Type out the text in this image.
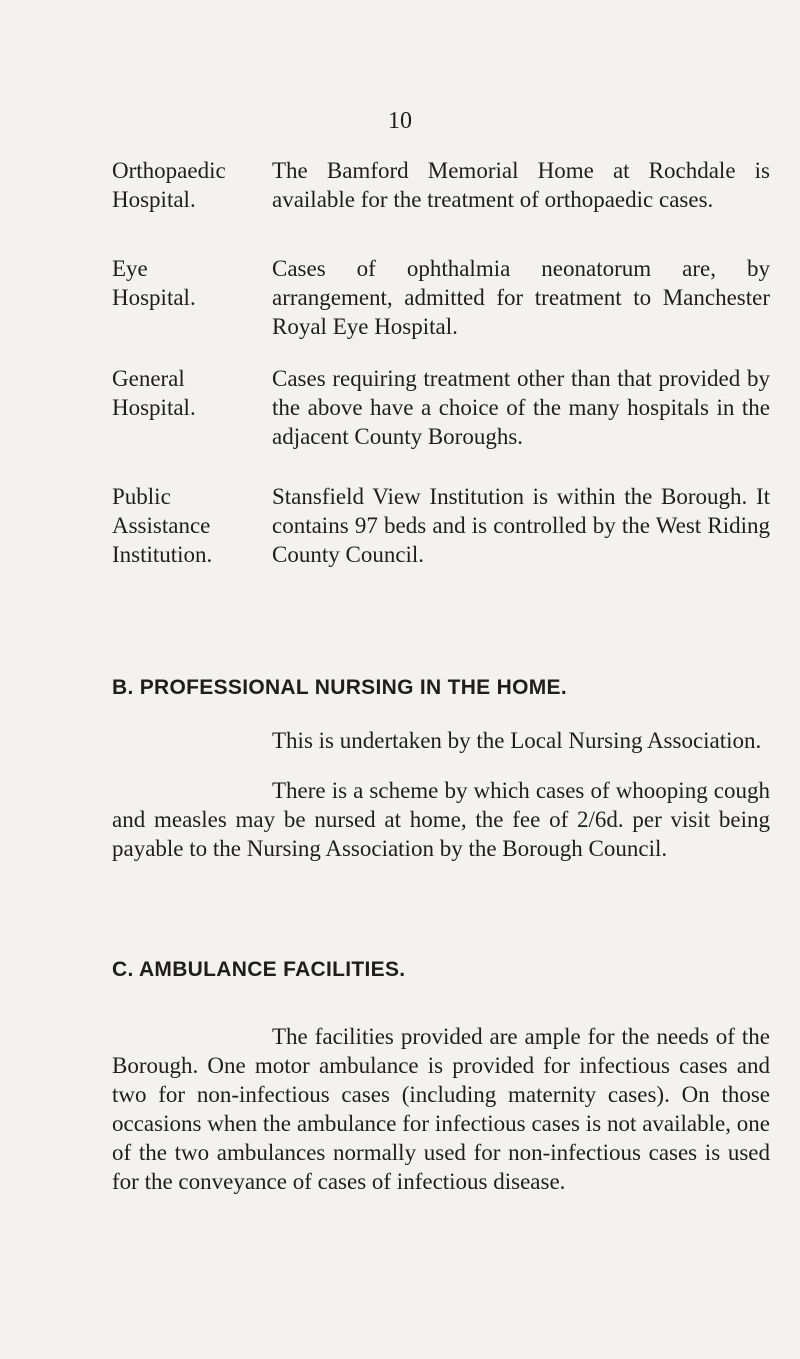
10
Orthopaedic
Hospital.
The Bamford Memorial Home at Rochdale is available for the treatment of orthopaedic cases.
Eye
Hospital.
Cases of ophthalmia neonatorum are, by arrangement, admitted for treatment to Manchester Royal Eye Hospital.
General
Hospital.
Cases requiring treatment other than that provided by the above have a choice of the many hospitals in the adjacent County Boroughs.
Public
Assistance
Institution.
Stansfield View Institution is within the Borough. It contains 97 beds and is controlled by the West Riding County Council.
B. PROFESSIONAL NURSING IN THE HOME.
This is undertaken by the Local Nursing Association.
There is a scheme by which cases of whooping cough and measles may be nursed at home, the fee of 2/6d. per visit being payable to the Nursing Association by the Borough Council.
C. AMBULANCE FACILITIES.
The facilities provided are ample for the needs of the Borough. One motor ambulance is provided for infectious cases and two for non-infectious cases (including maternity cases). On those occasions when the ambulance for infectious cases is not available, one of the two ambulances normally used for non-infectious cases is used for the conveyance of cases of infectious disease.
